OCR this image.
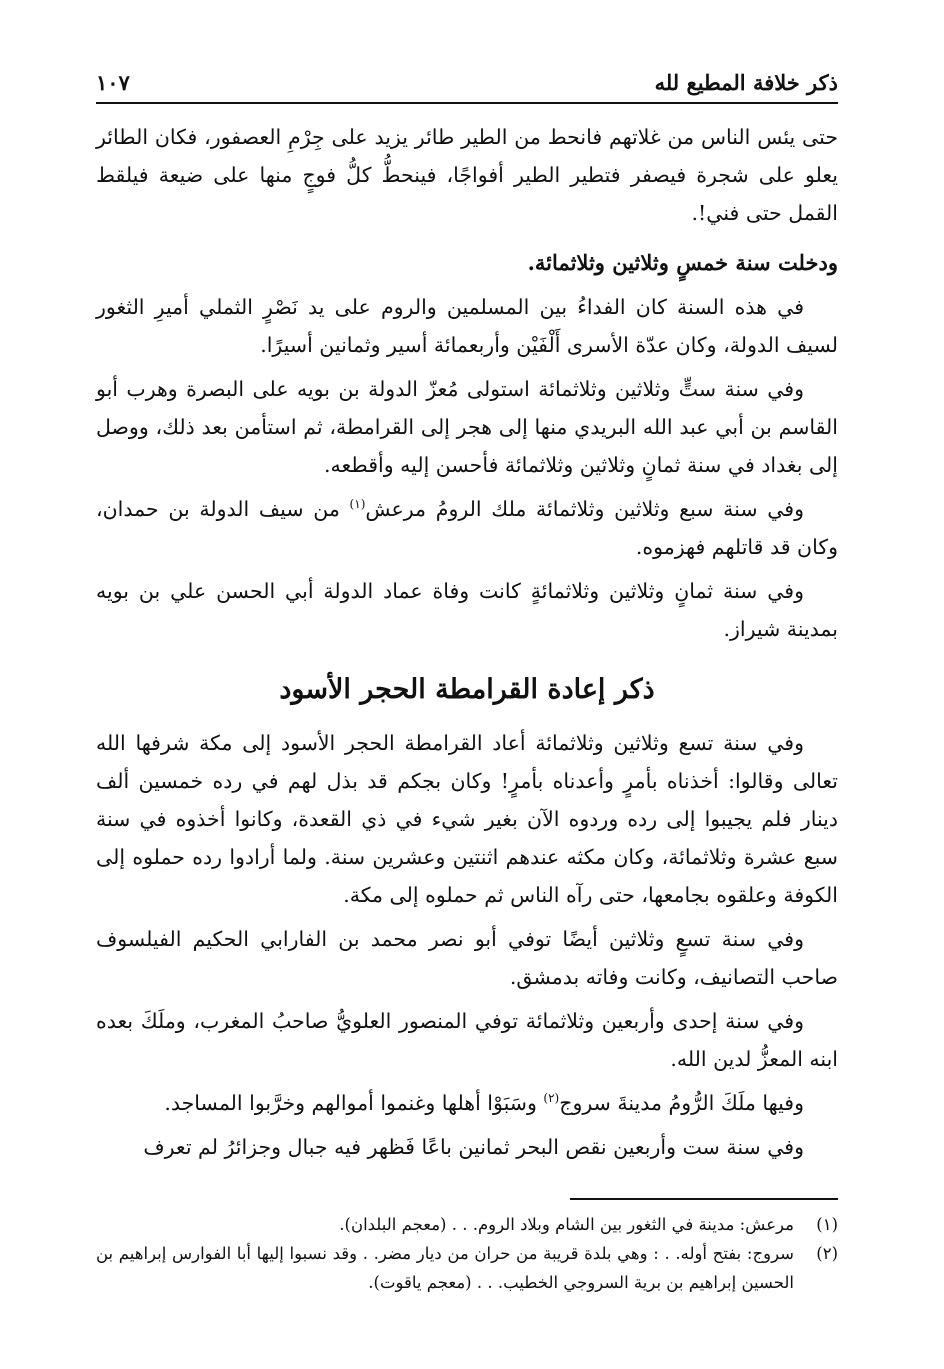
ذكر خلافة المطيع لله
١٠٧

حتى يئس الناس من غلاتهم فانحط من الطير طائر يزيد على جِرْمِ العصفور، فكان الطائر يعلو على شجرة فيصفر فتطير الطير أفواجًا، فينحطُّ كلُّ فوجٍ منها على ضيعة فيلقط القمل حتى فني!.

ودخلت سنة خمسٍ وثلاثين وثلاثمائة.

في هذه السنة كان الفداءُ بين المسلمين والروم على يد نَصْرٍ الثملي أميرِ الثغور لسيف الدولة، وكان عدّة الأسرى أَلْفَيْن وأربعمائة أسير وثمانين أسيرًا.

وفي سنة ستٍّ وثلاثين وثلاثمائة استولى مُعزّ الدولة بن بويه على البصرة وهرب أبو القاسم بن أبي عبد الله البريدي منها إلى هجر إلى القرامطة، ثم استأمن بعد ذلك، ووصل إلى بغداد في سنة ثمانٍ وثلاثين وثلاثمائة فأحسن إليه وأقطعه.

وفي سنة سبع وثلاثين وثلاثمائة ملك الرومُ مرعش$^{(١)}$ من سيف الدولة بن حمدان، وكان قد قاتلهم فهزموه.

وفي سنة ثمانٍ وثلاثين وثلاثمائةٍ كانت وفاة عماد الدولة أبي الحسن علي بن بويه بمدينة شيراز.

ذكر إعادة القرامطة الحجر الأسود

وفي سنة تسع وثلاثين وثلاثمائة أعاد القرامطة الحجر الأسود إلى مكة شرفها الله تعالى وقالوا: أخذناه بأمرٍ وأعدناه بأمرٍ! وكان بجكم قد بذل لهم في رده خمسين ألف دينار فلم يجيبوا إلى رده وردوه الآن بغير شيء في ذي القعدة، وكانوا أخذوه في سنة سبع عشرة وثلاثمائة، وكان مكثه عندهم اثنتين وعشرين سنة. ولما أرادوا رده حملوه إلى الكوفة وعلقوه بجامعها، حتى رآه الناس ثم حملوه إلى مكة.

وفي سنة تسعٍ وثلاثين أيضًا توفي أبو نصر محمد بن الفارابي الحكيم الفيلسوف صاحب التصانيف، وكانت وفاته بدمشق.

وفي سنة إحدى وأربعين وثلاثمائة توفي المنصور العلويُّ صاحبُ المغرب، وملَكَ بعده ابنه المعزُّ لدين الله.

وفيها ملَكَ الرُّومُ مدينةَ سروج$^{(٢)}$ وسَبَوْا أهلها وغنموا أموالهم وخرَّبوا المساجد.

وفي سنة ست وأربعين نقص البحر ثمانين باعًا فَظهر فيه جبال وجزائرُ لم تعرف

(١)
مرعش: مدينة في الثغور بين الشام وبلاد الروم. . . (معجم البلدان).

(٢)
سروج: بفتح أوله. . : وهي بلدة قريبة من حران من ديار مضر. . وقد نسبوا إليها أبا الفوارس إبراهيم بن الحسين إبراهيم بن برية السروجي الخطيب. . . (معجم ياقوت).
